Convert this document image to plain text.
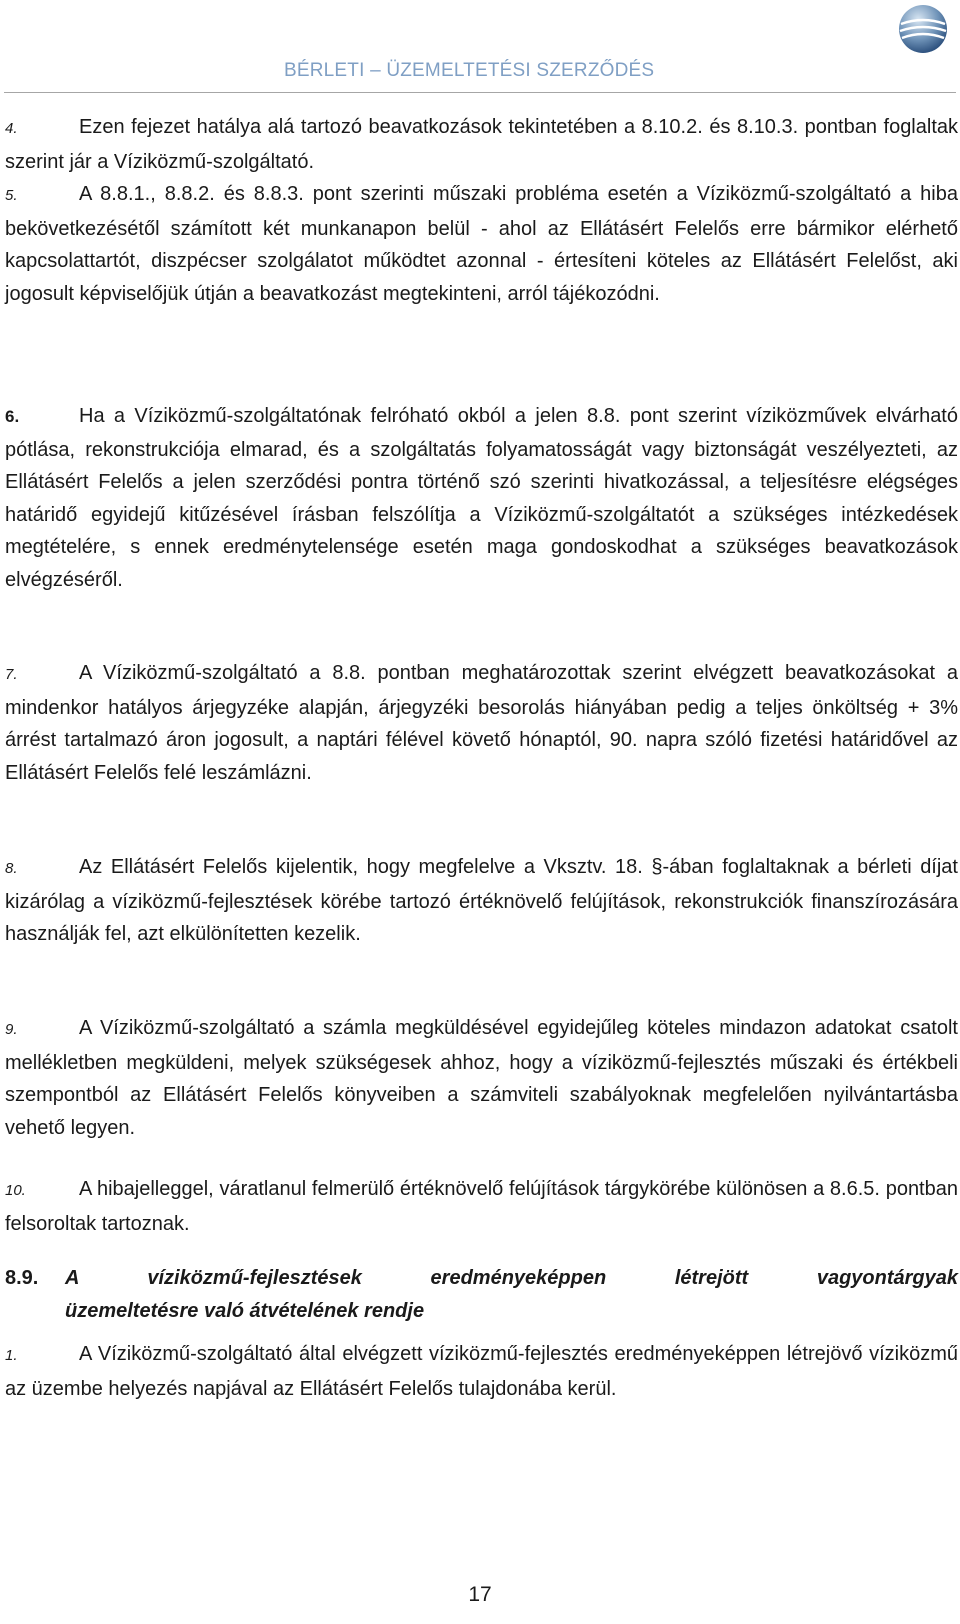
BÉRLETI – ÜZEMELTETÉSI SZERZŐDÉS

4.	Ezen fejezet hatálya alá tartozó beavatkozások tekintetében a 8.10.2. és 8.10.3. pontban foglaltak szerint jár a Víziközmű-szolgáltató.

5.	A 8.8.1., 8.8.2. és 8.8.3. pont szerinti műszaki probléma esetén a Víziközmű-szolgáltató a hiba bekövetkezésétől számított két munkanapon belül - ahol az Ellátásért Felelős erre bármikor elérhető kapcsolattartót, diszpécser szolgálatot működtet azonnal - értesíteni köteles az Ellátásért Felelőst, aki jogosult képviselőjük útján a beavatkozást megtekinteni, arról tájékozódni.

6.	Ha a Víziközmű-szolgáltatónak felróható okból a jelen 8.8. pont szerint víziközművek elvárható pótlása, rekonstrukciója elmarad, és a szolgáltatás folyamatosságát vagy biztonságát veszélyezteti, az Ellátásért Felelős a jelen szerződési pontra történő szó szerinti hivatkozással, a teljesítésre elégséges határidő egyidejű kitűzésével írásban felszólítja a Víziközmű-szolgáltatót a szükséges intézkedések megtételére, s ennek eredménytelensége esetén maga gondoskodhat a szükséges beavatkozások elvégzéséről.

7.	A Víziközmű-szolgáltató a 8.8. pontban meghatározottak szerint elvégzett beavatkozásokat a mindenkor hatályos árjegyzéke alapján, árjegyzéki besorolás hiányában pedig a teljes önköltség + 3% árrést tartalmazó áron jogosult, a naptári félével követő hónaptól, 90. napra szóló fizetési határidővel az Ellátásért Felelős felé leszámlázni.

8.	Az Ellátásért Felelős kijelentik, hogy megfelelve a Vksztv. 18. §-ában foglaltaknak a bérleti díjat kizárólag a víziközmű-fejlesztések körébe tartozó értéknövelő felújítások, rekonstrukciók finanszírozására használják fel, azt elkülönítetten kezelik.

9.	A Víziközmű-szolgáltató a számla megküldésével egyidejűleg köteles mindazon adatokat csatolt mellékletben megküldeni, melyek szükségesek ahhoz, hogy a víziközmű-fejlesztés műszaki és értékbeli szempontból az Ellátásért Felelős könyveiben a számviteli szabályoknak megfelelően nyilvántartásba vehető legyen.

10.	A hibajelleggel, váratlanul felmerülő értéknövelő felújítások tárgykörébe különösen a 8.6.5. pontban felsoroltak tartoznak.

8.9. A víziközmű-fejlesztések eredményeképpen létrejött vagyontárgyak
üzemeltetésre való átvételének rendje

1.	A Víziközmű-szolgáltató által elvégzett víziközmű-fejlesztés eredményeképpen létrejövő víziközmű az üzembe helyezés napjával az Ellátásért Felelős tulajdonába kerül.

17
